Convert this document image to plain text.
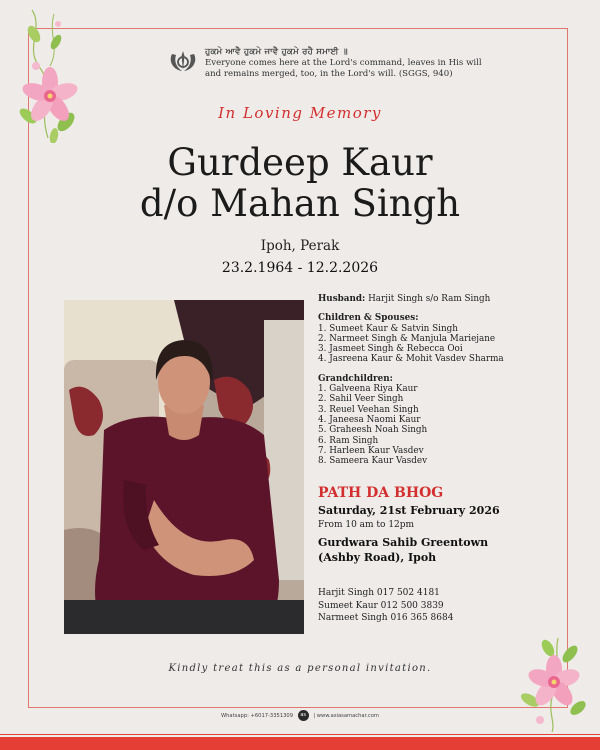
ਹੁਕਮੇ ਆਵੈ ਹੁਕਮੇ ਜਾਵੈ ਹੁਕਮੇ ਰਹੈ ਸਮਾਈ ॥
Everyone comes here at the Lord's command, leaves in His will
and remains merged, too, in the Lord's will. (SGGS, 940)
In Loving Memory
Gurdeep Kaur
d/o Mahan Singh
Ipoh, Perak
23.2.1964 - 12.2.2026
Husband: Harjit Singh s/o Ram Singh
Children & Spouses:
1. Sumeet Kaur & Satvin Singh
2. Narmeet Singh & Manjula Mariejane
3. Jasmeet Singh & Rebecca Ooi
4. Jasreena Kaur & Mohit Vasdev Sharma
Grandchildren:
1. Galveena Riya Kaur
2. Sahil Veer Singh
3. Reuel Veehan Singh
4. Janeesa Naomi Kaur
5. Graheesh Noah Singh
6. Ram Singh
7. Harleen Kaur Vasdev
8. Sameera Kaur Vasdev
PATH DA BHOG
Saturday, 21st February 2026
From 10 am to 12pm
Gurdwara Sahib Greentown
(Ashby Road), Ipoh
Harjit Singh 017 502 4181
Sumeet Kaur 012 500 3839
Narmeet Singh 016 365 8684
Kindly treat this as a personal invitation.
Whatsapp: +6017-3351309 as | www.asiasamachar.com
